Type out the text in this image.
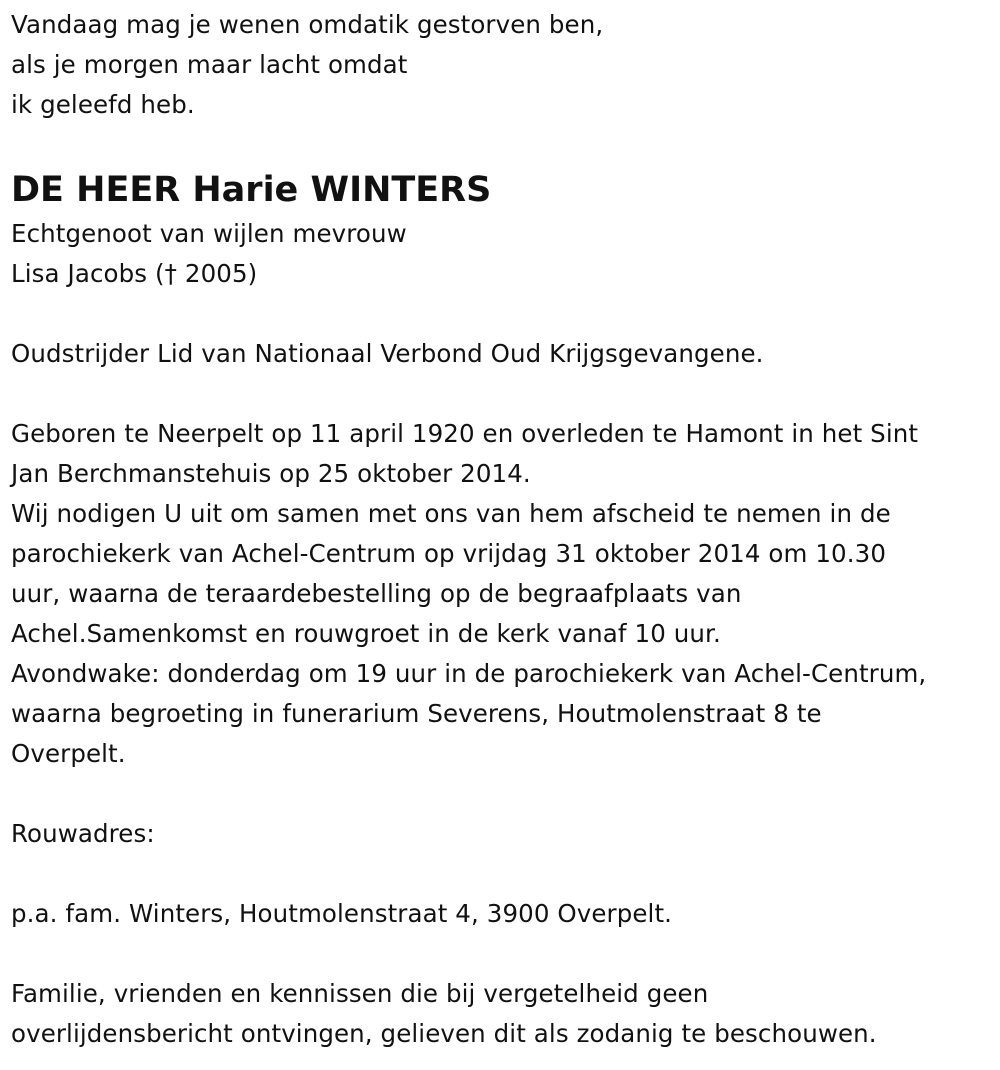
Vandaag mag je wenen omdatik gestorven ben,
als je morgen maar lacht omdat
ik geleefd heb.
DE HEER Harie WINTERS
Echtgenoot van wijlen mevrouw
Lisa Jacobs († 2005)
Oudstrijder Lid van Nationaal Verbond Oud Krijgsgevangene.
Geboren te Neerpelt op 11 april 1920 en overleden te Hamont in het Sint
Jan Berchmanstehuis op 25 oktober 2014.
Wij nodigen U uit om samen met ons van hem afscheid te nemen in de
parochiekerk van Achel-Centrum op vrijdag 31 oktober 2014 om 10.30
uur, waarna de teraardebestelling op de begraafplaats van
Achel.Samenkomst en rouwgroet in de kerk vanaf 10 uur.
Avondwake: donderdag om 19 uur in de parochiekerk van Achel-Centrum,
waarna begroeting in funerarium Severens, Houtmolenstraat 8 te
Overpelt.
Rouwadres:
p.a. fam. Winters, Houtmolenstraat 4, 3900 Overpelt.
Familie, vrienden en kennissen die bij vergetelheid geen
overlijdensbericht ontvingen, gelieven dit als zodanig te beschouwen.
